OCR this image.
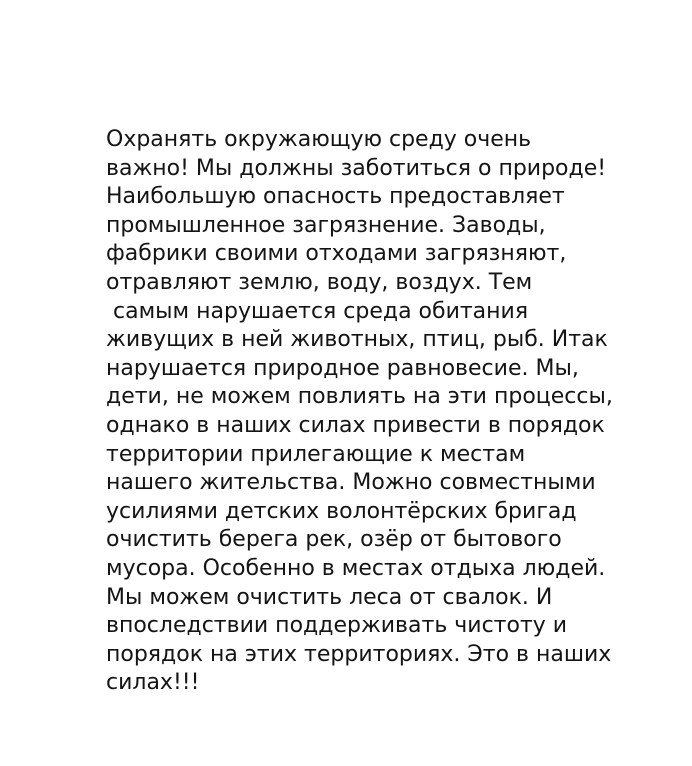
Охранять окружающую среду очень
важно! Мы должны заботиться о природе!
Наибольшую опасность предоставляет
промышленное загрязнение. Заводы,
фабрики своими отходами загрязняют,
отравляют землю, воду, воздух. Тем
самым нарушается среда обитания
живущих в ней животных, птиц, рыб. Итак
нарушается природное равновесие. Мы,
дети, не можем повлиять на эти процессы,
однако в наших силах привести в порядок
территории прилегающие к местам
нашего жительства. Можно совместными
усилиями детских волонтёрских бригад
очистить берега рек, озёр от бытового
мусора. Особенно в местах отдыха людей.
Мы можем очистить леса от свалок. И
впоследствии поддерживать чистоту и
порядок на этих территориях. Это в наших
силах!!!
